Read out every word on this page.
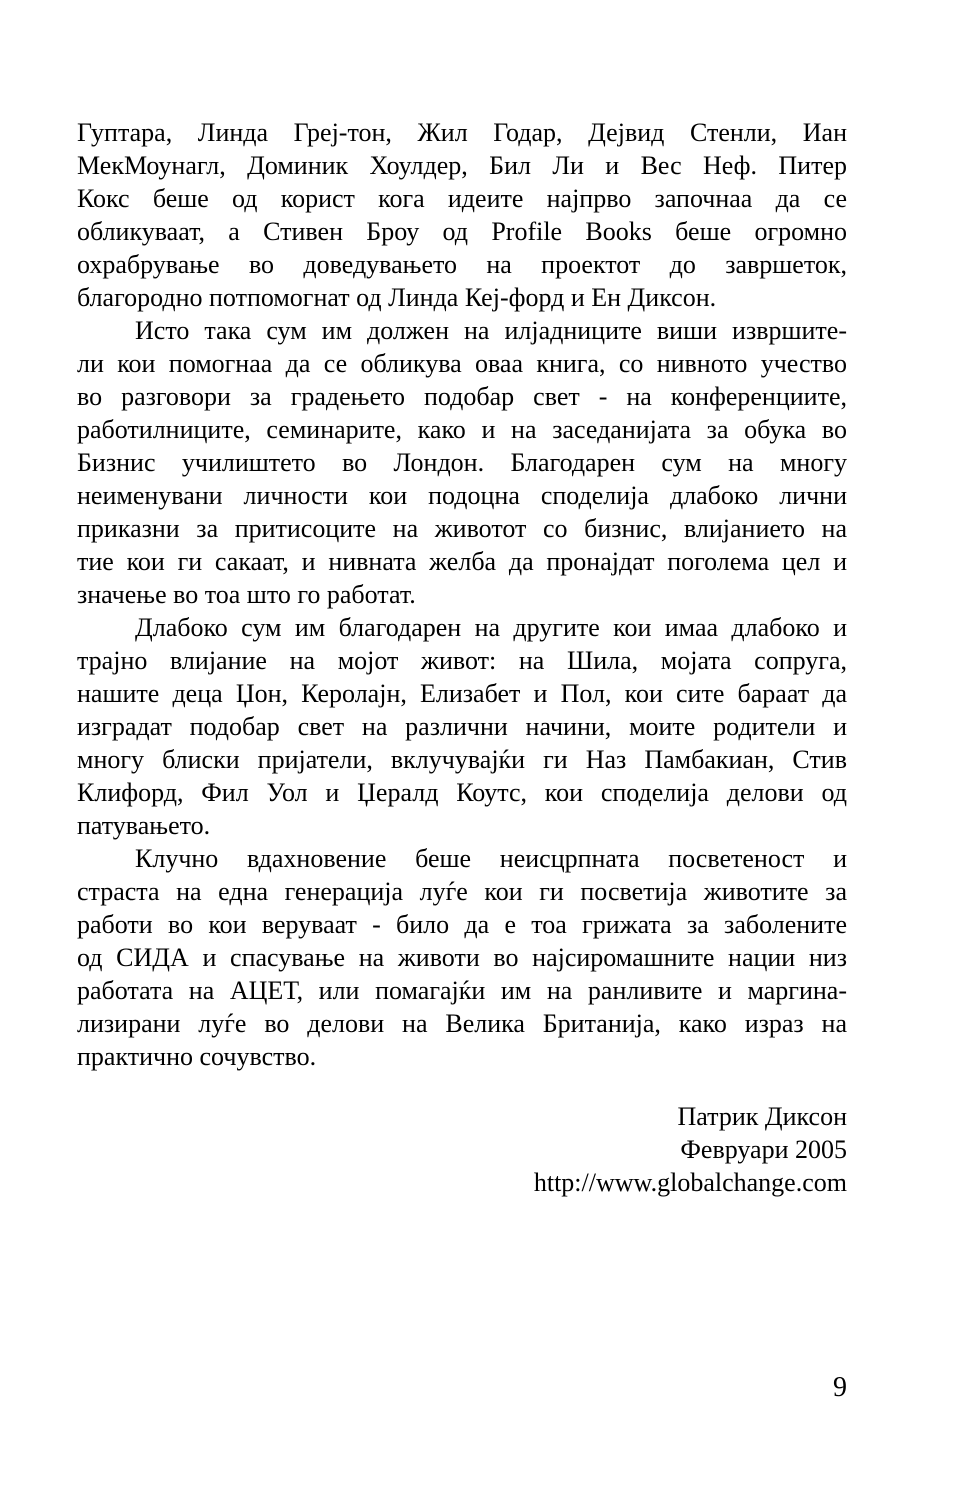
Гуптара, Линда Греј-тон, Жил Годар, Дејвид Стенли, Иан
МекМоунагл, Доминик Хоулдер, Бил Ли и Вес Неф. Питер
Кокс беше од корист кога идеите најпрво започнаа да се
обликуваат, а Стивен Броу од Profile Books беше огромно
охрабрување во доведувањето на проектот до завршеток,
благородно потпомогнат од Линда Кеј-форд и Ен Диксон.
Исто така сум им должен на илјадниците виши извршите-
ли кои помогнаа да се обликува оваа книга, со нивното учество
во разговори за градењето подобар свет - на конференциите,
работилниците, семинарите, како и на заседанијата за обука во
Бизнис училиштето во Лондон. Благодарен сум на многу
неименувани личности кои подоцна споделија длабоко лични
приказни за притисоците на животот со бизнис, влијанието на
тие кои ги сакаат, и нивната желба да пронајдат поголема цел и
значење во тоа што го работат.
Длабоко сум им благодарен на другите кои имаа длабоко и
трајно влијание на мојот живот: на Шила, мојата сопруга,
нашите деца Џон, Керолајн, Елизабет и Пол, кои сите бараат да
изградат подобар свет на различни начини, моите родители и
многу блиски пријатели, вклучувајќи ги Наз Памбакиан, Стив
Клифорд, Фил Уол и Џералд Коутс, кои споделија делови од
патувањето.
Клучно вдахновение беше неисцрпната посветеност и
страста на една генерација луѓе кои ги посветија животите за
работи во кои веруваат - било да е тоа грижата за заболените
од СИДА и спасување на животи во најсиромашните нации низ
работата на АЦЕТ, или помагајќи им на ранливите и маргина-
лизирани луѓе во делови на Велика Британија, како израз на
практично сочувство.
Патрик Диксон
Февруари 2005
http://www.globalchange.com
9
